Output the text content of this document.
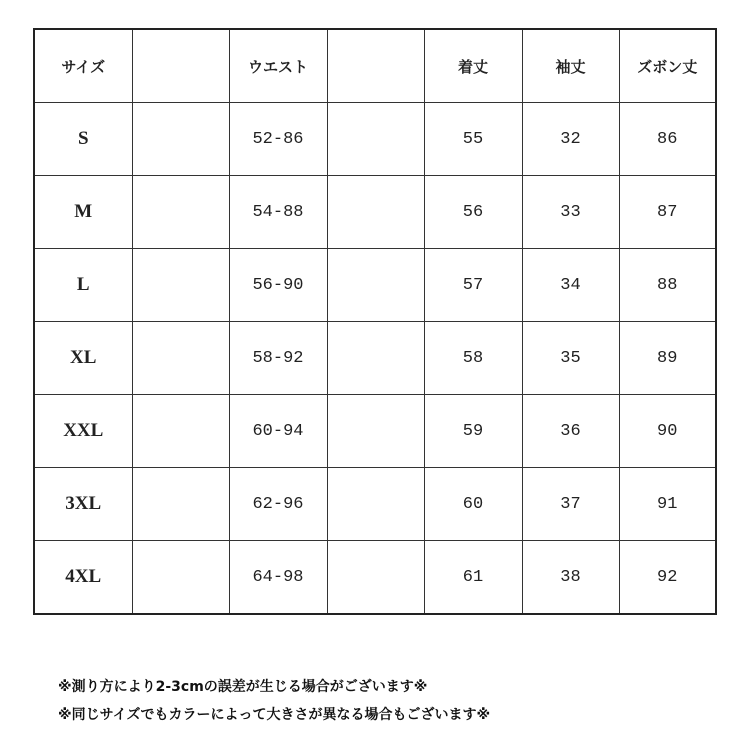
サイズ		ウエスト		着丈	袖丈	ズボン丈
S		52-86		55	32	86
M		54-88		56	33	87
L		56-90		57	34	88
XL		58-92		58	35	89
XXL		60-94		59	36	90
3XL		62-96		60	37	91
4XL		64-98		61	38	92
※測り方により2-3cmの誤差が生じる場合がございます※
※同じサイズでもカラーによって大きさが異なる場合もございます※
